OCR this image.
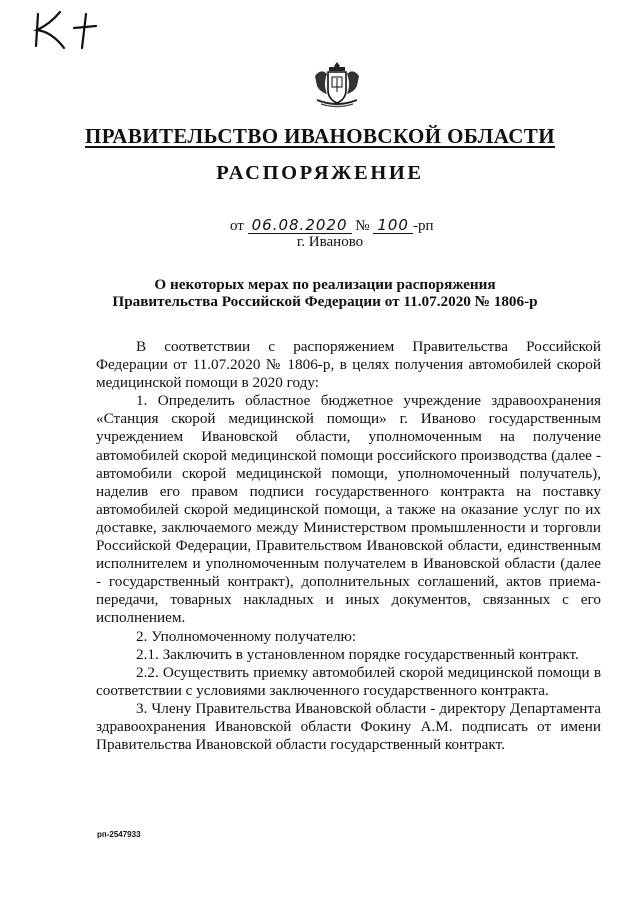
·
ПРАВИТЕЛЬСТВО ИВАНОВСКОЙ ОБЛАСТИ
РАСПОРЯЖЕНИЕ
от 06.08.2020 № 100 -рп
г. Иваново
О некоторых мерах по реализации распоряжения Правительства Российской Федерации от 11.07.2020 № 1806-р

В соответствии с распоряжением Правительства Российской Федерации от 11.07.2020 № 1806-р, в целях получения автомобилей скорой медицинской помощи в 2020 году:

1. Определить областное бюджетное учреждение здравоохранения «Станция скорой медицинской помощи» г. Иваново государственным учреждением Ивановской области, уполномоченным на получение автомобилей скорой медицинской помощи российского производства (далее - автомобили скорой медицинской помощи, уполномоченный получатель), наделив его правом подписи государственного контракта на поставку автомобилей скорой медицинской помощи, а также на оказание услуг по их доставке, заключаемого между Министерством промышленности и торговли Российской Федерации, Правительством Ивановской области, единственным исполнителем и уполномоченным получателем в Ивановской области (далее - государственный контракт), дополнительных соглашений, актов приема-передачи, товарных накладных и иных документов, связанных с его исполнением.

2. Уполномоченному получателю:

2.1. Заключить в установленном порядке государственный контракт.

2.2. Осуществить приемку автомобилей скорой медицинской помощи в соответствии с условиями заключенного государственного контракта.

3. Члену Правительства Ивановской области - директору Департамента здравоохранения Ивановской области Фокину А.М. подписать от имени Правительства Ивановской области государственный контракт.

рп-2547933
